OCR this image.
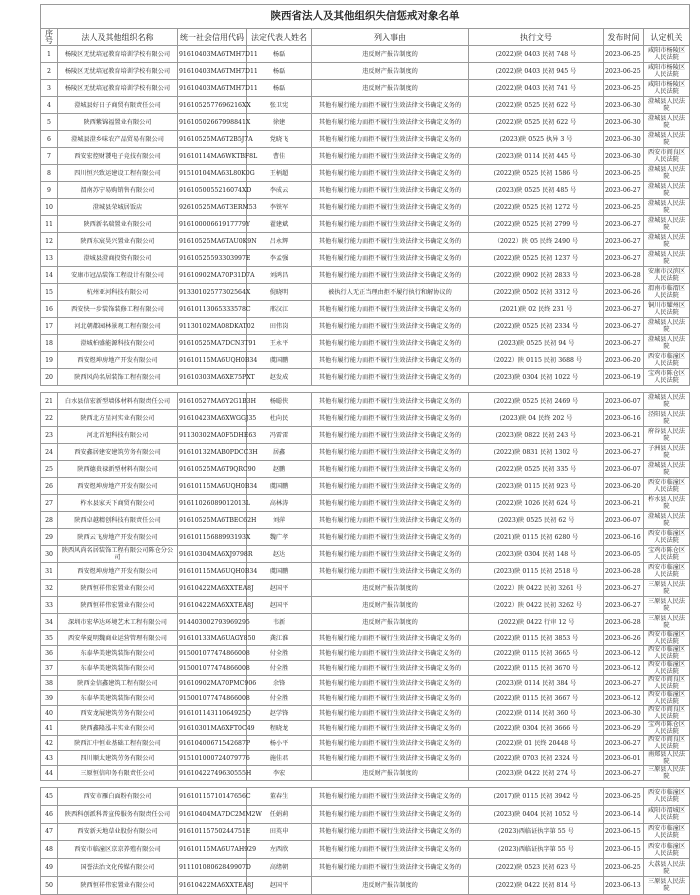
陕西省法人及其他组织失信惩戒对象名单							
序号	法人及其他组织名称	统一社会信用代码	法定代表人姓名	列入事由	执行文号	发布时间	认定机关
1	杨陵区无忧培冠教育培训学校有限公司	91610403MA6TMH7D11	杨磊	违反财产报告制度的	(2022)陕 0403 民初 748 号	2023-06-25	咸阳市杨陵区人民法院
2	杨陵区无忧培冠教育培训学校有限公司	91610403MA6TMH7D11	杨磊	违反财产报告制度的	(2022)陕 0403 民初 945 号	2023-06-25	咸阳市杨陵区人民法院
3	杨陵区无忧培冠教育培训学校有限公司	91610403MA6TMH7D11	杨磊	违反财产报告制度的	(2022)陕 0403 民初 741 号	2023-06-25	咸阳市杨陵区人民法院
4	澄城县好日子商贸有限责任公司	9161052577696216XX	张卫宪	其他有履行能力而拒不履行生效法律文书确定义务的	(2022)陕 0525 民初 622 号	2023-06-30	澄城县人民法院
5	陕西紫锦福置业有限公司	91610502667998841X	徐建	其他有履行能力而拒不履行生效法律文书确定义务的	(2022)陕 0525 民初 622 号	2023-06-30	澄城县人民法院
6	澄城县澄乡味农产品贸易有限公司	91610525MA6T2B5J7A	党晓飞	其他有履行能力而拒不履行生效法律文书确定义务的	(2023)陕 0525 执异 3 号	2023-06-30	澄城县人民法院
7	西安宏控财饕电子竞技有限公司	91610114MA6WKTBF8L	曹佳	其他有履行能力而拒不履行生效法律文书确定义务的	(2023)陕 0114 民初 445 号	2023-06-30	西安市阎良区人民法院
8	四川恒兴致运建设工程有限公司	91510104MA63L80K0G	王柄超	其他有履行能力而拒不履行生效法律文书确定义务的	(2022)陕 0525 民初 1586 号	2023-06-25	澄城县人民法院
9	渭南苏宁易购销售有限公司	9161050055216074XD	李成云	其他有履行能力而拒不履行生效法律文书确定义务的	(2023)陕 0525 民初 485 号	2023-06-27	澄城县人民法院
10	澄城县荣城居饭店	92610525MA6T3ERM53	李铁军	其他有履行能力而拒不履行生效法律文书确定义务的	(2022)陕 0525 民初 1272 号	2023-06-25	澄城县人民法院
11	陕西新名瑞置业有限公司	91610000661917779Y	翟建斌	其他有履行能力而拒不履行生效法律文书确定义务的	(2022)陕 0525 民初 2799 号	2023-06-27	澄城县人民法院
12	陕西东宸昊兴置业有限公司	91610525MA6TAU0K9N	吕永辉	其他有履行能力而拒不履行生效法律文书确定义务的	（2022）陕 05 民终 2490 号	2023-06-27	澄城县人民法院
13	澄城县澄商投资有限公司	91610525593303997E	李孟强	其他有履行能力而拒不履行生效法律文书确定义务的	(2022)陕 0525 民初 1237 号	2023-06-27	澄城县人民法院
14	安康市冠品装饰工程设计有限公司	91610902MA70P31D7A	刘鸿昌	其他有履行能力而拒不履行生效法律文书确定义务的	(2022)陕 0902 民初 2833 号	2023-06-28	安康市汉滨区人民法院
15	杭州亚河科技有限公司	91330102577302564X	倪晓明	被执行人无正当理由拒不履行执行和解协议的	(2022)陕 0502 民初 3312 号	2023-06-26	渭南市临渭区人民法院
16	西安快一步装饰装修工程有限公司	91610113065333578C	邢汉江	其他有履行能力而拒不履行生效法律文书确定义务的	(2021)陕 02 民终 231 号	2023-06-27	铜川市耀州区人民法院
17	河北朝都园林景观工程有限公司	91130102MA08DKAT02	田伟岗	其他有履行能力而拒不履行生效法律文书确定义务的	(2022)陕 0525 民初 2334 号	2023-06-27	澄城县人民法院
18	澄城柏盛能源科技有限公司	91610525MA7DCN3T91	王永平	其他有履行能力而拒不履行生效法律文书确定义务的	(2023)陕 0525 民初 94 号	2023-06-27	澄城县人民法院
19	西安煜坤房地产开发有限公司	91610115MA6UQH0B34	虞国鹏	其他有履行能力而拒不履行生效法律文书确定义务的	（2022）陕 0115 民初 3688 号	2023-06-20	西安市临潼区人民法院
20	陕西风尚名居装饰工程有限公司	91610303MA6XE75PXT	赵发成	其他有履行能力而拒不履行生效法律文书确定义务的	(2023)陕 0304 民初 1022 号	2023-06-19	宝鸡市陈仓区人民法院

21	白水县信宏新型墙体材料有限责任公司	91610527MA6Y2G1B3H	杨聪侠	其他有履行能力而拒不履行生效法律文书确定义务的	(2022)陕 0525 民初 2469 号	2023-06-07	澄城县人民法院
22	陕西北方星河实业有限公司	91610423MA6XWGGJ35	杜向民	其他有履行能力而拒不履行生效法律文书确定义务的	(2023)陕 04 民终 202 号	2023-06-16	泾阳县人民法院
23	河北首旭科技有限公司	91130302MA0F5DHE63	冯雷雷	其他有履行能力而拒不履行生效法律文书确定义务的	(2023)陕 0822 民初 243 号	2023-06-21	府谷县人民法院
24	西安鑫居建安建筑劳务有限公司	91610132MAB0PDCC3H	居鑫	其他有履行能力而拒不履行生效法律文书确定义务的	(2022)陕 0831 民初 1302 号	2023-06-27	子洲县人民法院
25	陕西德贵禄新型材料有限公司	91610525MA6T9QRC90	赵鹏	其他有履行能力而拒不履行生效法律文书确定义务的	(2022)陕 0525 民初 335 号	2023-06-07	澄城县人民法院
26	西安煜坤房地产开发有限公司	91610115MA6UQH0B34	虞国鹏	其他有履行能力而拒不履行生效法律文书确定义务的	(2023)陕 0115 民初 923 号	2023-06-20	西安市临潼区人民法院
27	柞水县家天下商贸有限公司	91611026089012013L	高林涛	其他有履行能力而拒不履行生效法律文书确定义务的	(2022)陕 1026 民初 624 号	2023-06-21	柞水县人民法院
28	陕西卓越精创科技有限责任公司	91610525MA6TBEC62H	刘萍	其他有履行能力而拒不履行生效法律文书确定义务的	(2023)陕 0525 民初 62 号	2023-06-07	澄城县人民法院
29	陕西云飞房地产开发有限公司	91610115688993193X	魏广孝	其他有履行能力而拒不履行生效法律文书确定义务的	(2021)陕 0115 民初 6280 号	2023-06-16	西安市临潼区人民法院
30	陕西风尚名居装饰工程有限公司陈仓分公司	91610304MA6XJ9798R	赵达	其他有履行能力而拒不履行生效法律文书确定义务的	(2023)陕 0304 民初 148 号	2023-06-05	宝鸡市陈仓区人民法院
31	西安煜坤房地产开发有限公司	91610115MA6UQH0B34	虞国鹏	其他有履行能力而拒不履行生效法律文书确定义务的	(2023)陕 0115 民初 2518 号	2023-06-28	西安市临潼区人民法院
32	陕西恒祥伟宏置业有限公司	91610422MA6XXTEA8J	赵国平	违反财产报告制度的	（2022）陕 0422 民初 3261 号	2023-06-27	三原县人民法院
33	陕西恒祥伟宏置业有限公司	91610422MA6XXTEA8J	赵国平	违反财产报告制度的	（2022）陕 0422 民初 3262 号	2023-06-27	三原县人民法院
34	深圳市宏华达环境艺术工程有限公司	914403002793969295	韦新	违反财产报告制度的	(2022)陕 0422 行审 12 号	2023-06-28	三原县人民法院
35	西安华夏明魏商业运营管理有限公司	91610133MA6UAGY850	龚江淮	其他有履行能力而拒不履行生效法律文书确定义务的	(2022)陕 0115 民初 3853 号	2023-06-26	西安市临潼区人民法院
36	东泰华美建筑装饰有限公司	915001077474866008	付全胜	其他有履行能力而拒不履行生效法律文书确定义务的	(2022)陕 0115 民初 3665 号	2023-06-12	西安市临潼区人民法院
37	东泰华美建筑装饰有限公司	915001077474866008	付全胜	其他有履行能力而拒不履行生效法律文书确定义务的	(2022)陕 0115 民初 3670 号	2023-06-12	西安市临潼区人民法院
38	陕西金信鑫建筑工程有限公司	91610902MA70PMC906	余锋	其他有履行能力而拒不履行生效法律文书确定义务的	(2023)陕 0114 民初 384 号	2023-06-27	西安市阎良区人民法院
39	东泰华美建筑装饰有限公司	915001077474866008	付全胜	其他有履行能力而拒不履行生效法律文书确定义务的	(2022)陕 0115 民初 3667 号	2023-06-12	西安市临潼区人民法院
40	西安龙展建筑劳务有限公司	91610114311064925Q	赵学锋	其他有履行能力而拒不履行生效法律文书确定义务的	(2022)陕 0114 民初 360 号	2023-06-30	西安市阎良区人民法院
41	陕西鑫隆泓丰实业有限公司	91610301MA6XFT0C49	程晓龙	其他有履行能力而拒不履行生效法律文书确定义务的	(2022)陕 0304 民初 3666 号	2023-06-29	宝鸡市陈仓区人民法院
42	陕西汇中恒业基础工程有限公司	91610400671542687P	杨小平	其他有履行能力而拒不履行生效法律文书确定义务的	(2022)陕 01 民终 20448 号	2023-06-27	西安市阎良区人民法院
43	四川顺太建筑劳务有限公司	915101000724079776	施佳君	其他有履行能力而拒不履行生效法律文书确定义务的	(2022)陕 0703 民初 2324 号	2023-06-01	南郑县人民法院
44	三原恒信印务有限责任公司	91610422749630555H	李宏	违反财产报告制度的	(2023)陕 0422 民初 274 号	2023-06-27	三原县人民法院

45	西安市雁白面粉有限公司	91610115710147656C	董春生	其他有履行能力而拒不履行生效法律文书确定义务的	(2017)陕 0115 民初 3942 号	2023-06-25	西安市临潼区人民法院
46	陕西科创派科普宣传服务有限责任公司	91610404MA7DC2MM2W	任娟莉	其他有履行能力而拒不履行生效法律文书确定义务的	(2023)陕 0404 民初 1052 号	2023-06-14	咸阳市渭城区人民法院
47	西安新天地草业股份有限公司	91610115750244751E	田英申	其他有履行能力而拒不履行生效法律文书确定义务的	(2023)西临证执字第 55 号	2023-06-15	西安市临潼区人民法院
48	西安市临潼区京京养殖有限公司	91610115MA6U7AH929	左西欣	其他有履行能力而拒不履行生效法律文书确定义务的	(2023)西临证执字第 55 号	2023-06-15	西安市临潼区人民法院
49	国誉法治文化传媒有限公司	91110108062849907D	高绪朝	其他有履行能力而拒不履行生效法律文书确定义务的	(2022)陕 0523 民初 623 号	2023-06-25	大荔县人民法院
50	陕西恒祥伟宏置业有限公司	91610422MA6XXTEA8J	赵国平	违反财产报告制度的	(2022)陕 0422 民初 814 号	2023-06-13	三原县人民法院
